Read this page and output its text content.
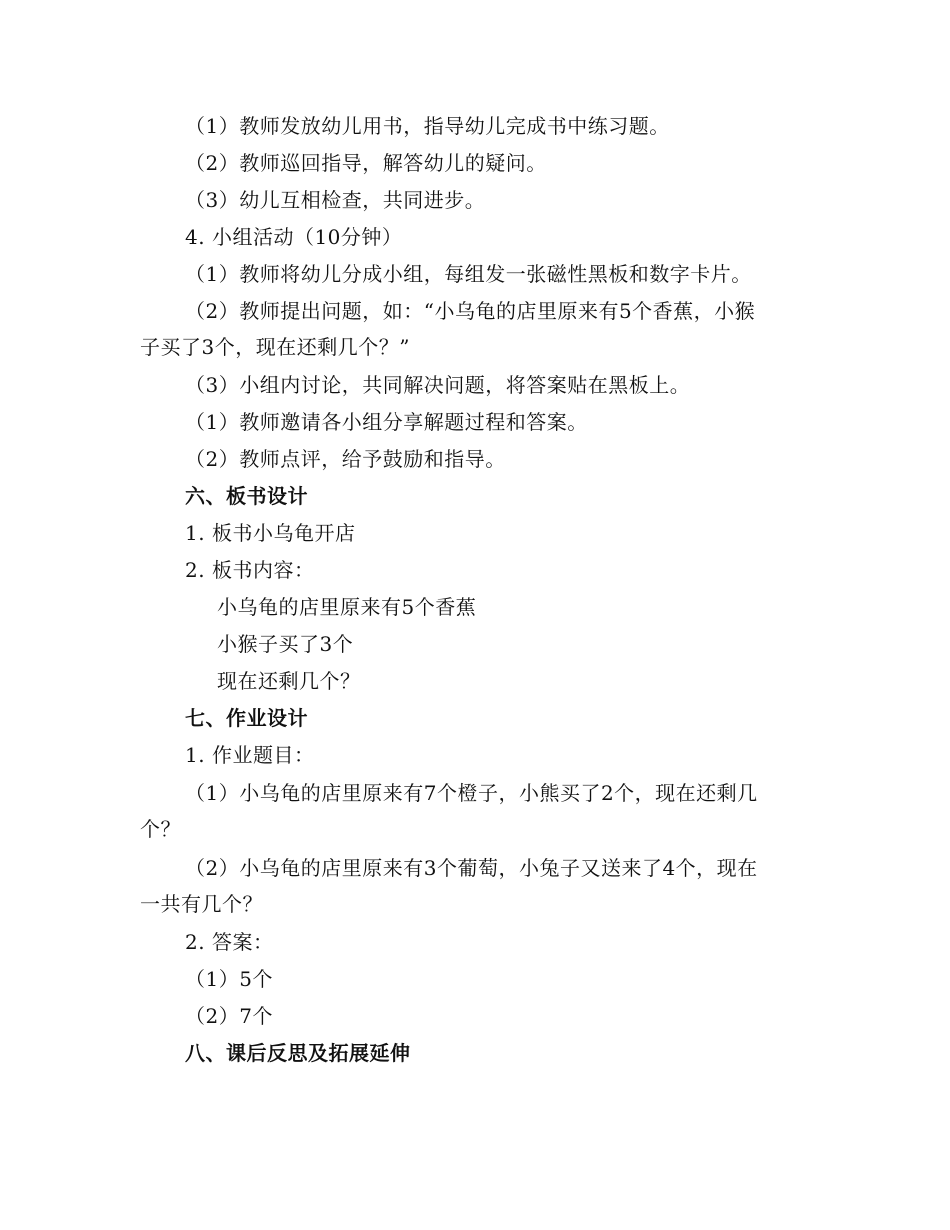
（1）教师发放幼儿用书，指导幼儿完成书中练习题。
（2）教师巡回指导，解答幼儿的疑问。
（3）幼儿互相检查，共同进步。
4. 小组活动（10分钟）
（1）教师将幼儿分成小组，每组发一张磁性黑板和数字卡片。
（2）教师提出问题，如：“小乌龟的店里原来有5个香蕉，小猴
子买了3个，现在还剩几个？”
（3）小组内讨论，共同解决问题，将答案贴在黑板上。
（1）教师邀请各小组分享解题过程和答案。
（2）教师点评，给予鼓励和指导。
六、板书设计
1. 板书小乌龟开店
2. 板书内容：
小乌龟的店里原来有5个香蕉
小猴子买了3个
现在还剩几个？
七、作业设计
1. 作业题目：
（1）小乌龟的店里原来有7个橙子，小熊买了2个，现在还剩几
个？
（2）小乌龟的店里原来有3个葡萄，小兔子又送来了4个，现在
一共有几个？
2. 答案：
（1）5个
（2）7个
八、课后反思及拓展延伸
